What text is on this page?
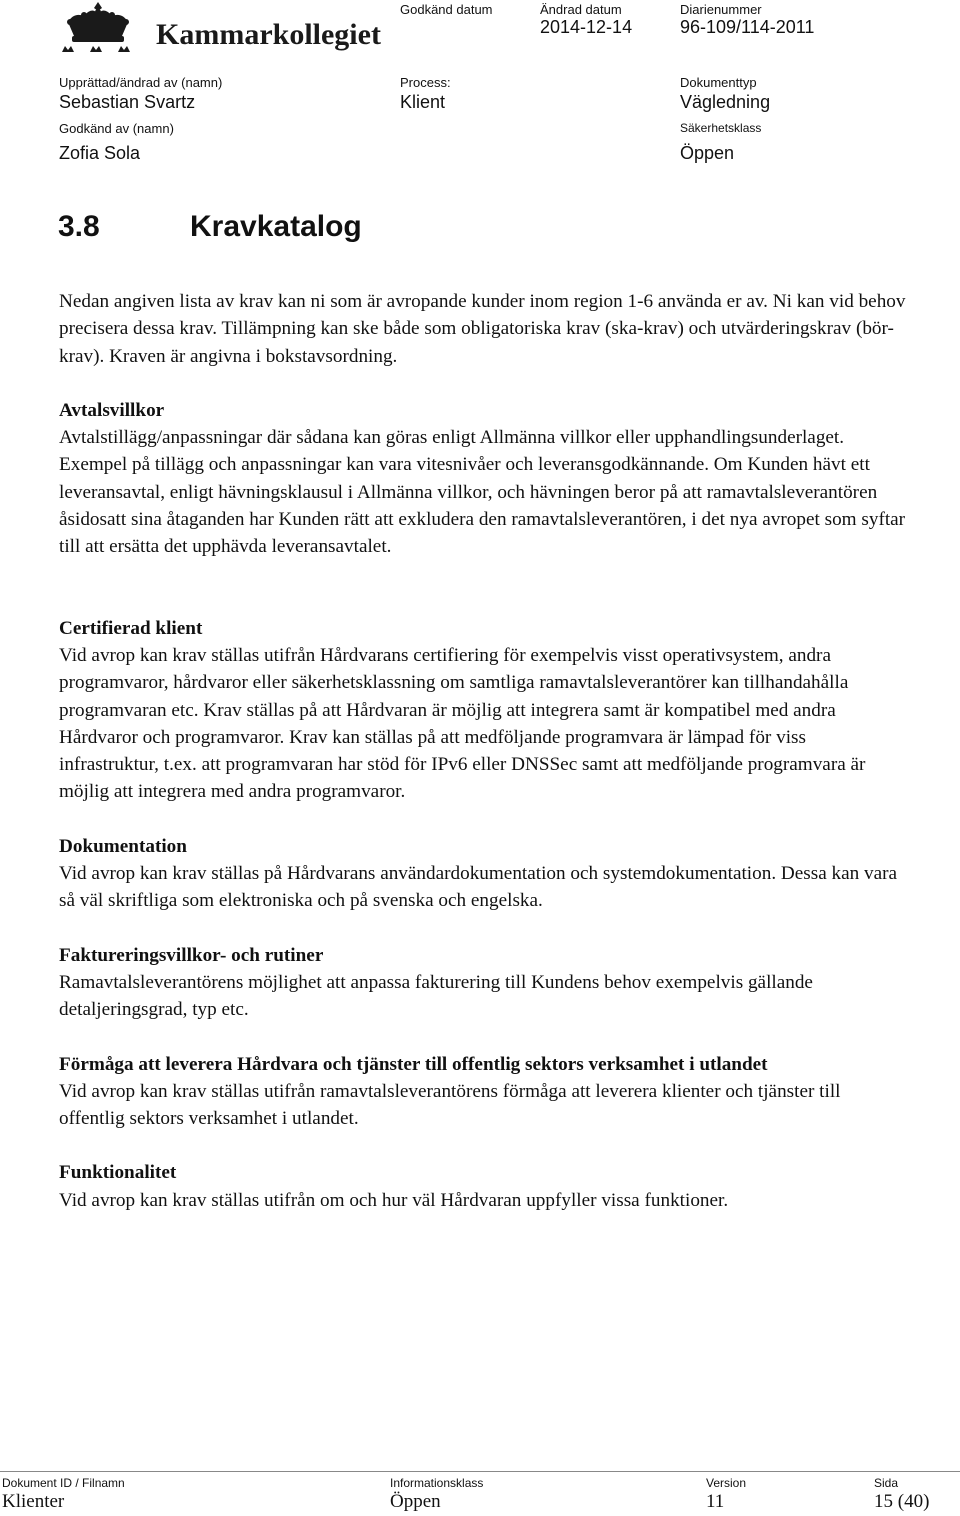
Kammarkollegiet
Godkänd datum	Ändrad datum
2014-12-14
Diarienummer
96-109/114-2011
Upprättad/ändrad av (namn)
Sebastian Svartz
Process:
Klient
Dokumenttyp
Vägledning
Godkänd av (namn)
Zofia Sola
Säkerhetsklass
Öppen
3.8	Kravkatalog

Nedan angiven lista av krav kan ni som är avropande kunder inom region 1-6 använda er av. Ni kan vid behov precisera dessa krav. Tillämpning kan ske både som obligatoriska krav (ska-krav) och utvärderingskrav (bör-krav). Kraven är angivna i bokstavsordning.

Avtalsvillkor

Avtalstillägg/anpassningar där sådana kan göras enligt Allmänna villkor eller upphandlingsunderlaget. Exempel på tillägg och anpassningar kan vara vitesnivåer och leveransgodkännande. Om Kunden hävt ett leveransavtal, enligt hävningsklausul i Allmänna villkor, och hävningen beror på att ramavtalsleverantören åsidosatt sina åtaganden har Kunden rätt att exkludera den ramavtalsleverantören, i det nya avropet som syftar till att ersätta det upphävda leveransavtalet.

Certifierad klient

Vid avrop kan krav ställas utifrån Hårdvarans certifiering för exempelvis visst operativsystem, andra programvaror, hårdvaror eller säkerhetsklassning om samtliga ramavtalsleverantörer kan tillhandahålla programvaran etc. Krav ställas på att Hårdvaran är möjlig att integrera samt är kompatibel med andra Hårdvaror och programvaror. Krav kan ställas på att medföljande programvara är lämpad för viss infrastruktur, t.ex. att programvaran har stöd för IPv6 eller DNSSec samt att medföljande programvara är möjlig att integrera med andra programvaror.

Dokumentation

Vid avrop kan krav ställas på Hårdvarans användardokumentation och systemdokumentation. Dessa kan vara så väl skriftliga som elektroniska och på svenska och engelska.

Faktureringsvillkor- och rutiner

Ramavtalsleverantörens möjlighet att anpassa fakturering till Kundens behov exempelvis gällande detaljeringsgrad, typ etc.

Förmåga att leverera Hårdvara och tjänster till offentlig sektors verksamhet i utlandet

Vid avrop kan krav ställas utifrån ramavtalsleverantörens förmåga att leverera klienter och tjänster till offentlig sektors verksamhet i utlandet.

Funktionalitet

Vid avrop kan krav ställas utifrån om och hur väl Hårdvaran uppfyller vissa funktioner.

Dokument ID / Filnamn
Klienter
Informationsklass
Öppen
Version
11
Sida
15 (40)
